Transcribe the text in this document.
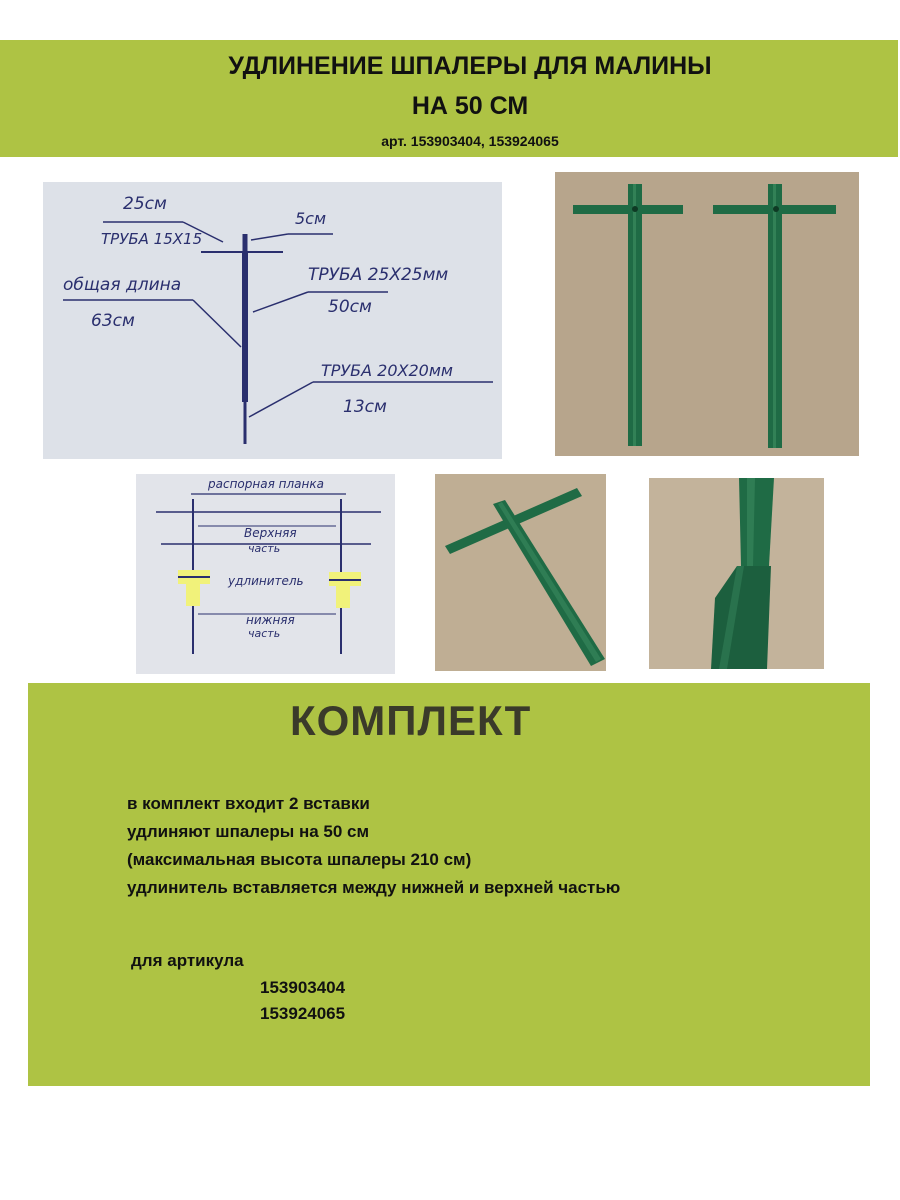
УДЛИНЕНИЕ ШПАЛЕРЫ ДЛЯ МАЛИНЫ
НА 50 СМ
арт. 153903404, 153924065
25см
ТРУБА 15Х15
5см
общая длина
63см
ТРУБА 25Х25мм
50см
ТРУБА 20Х20мм
13см
распорная планка
Верхняя
часть
удлинитель
нижняя
часть
КОМПЛЕКТ
в комплект входит 2 вставки
удлиняют шпалеры на 50 см
(максимальная высота шпалеры 210 см)
удлинитель вставляется между нижней и верхней частью
для артикула
153903404
153924065
